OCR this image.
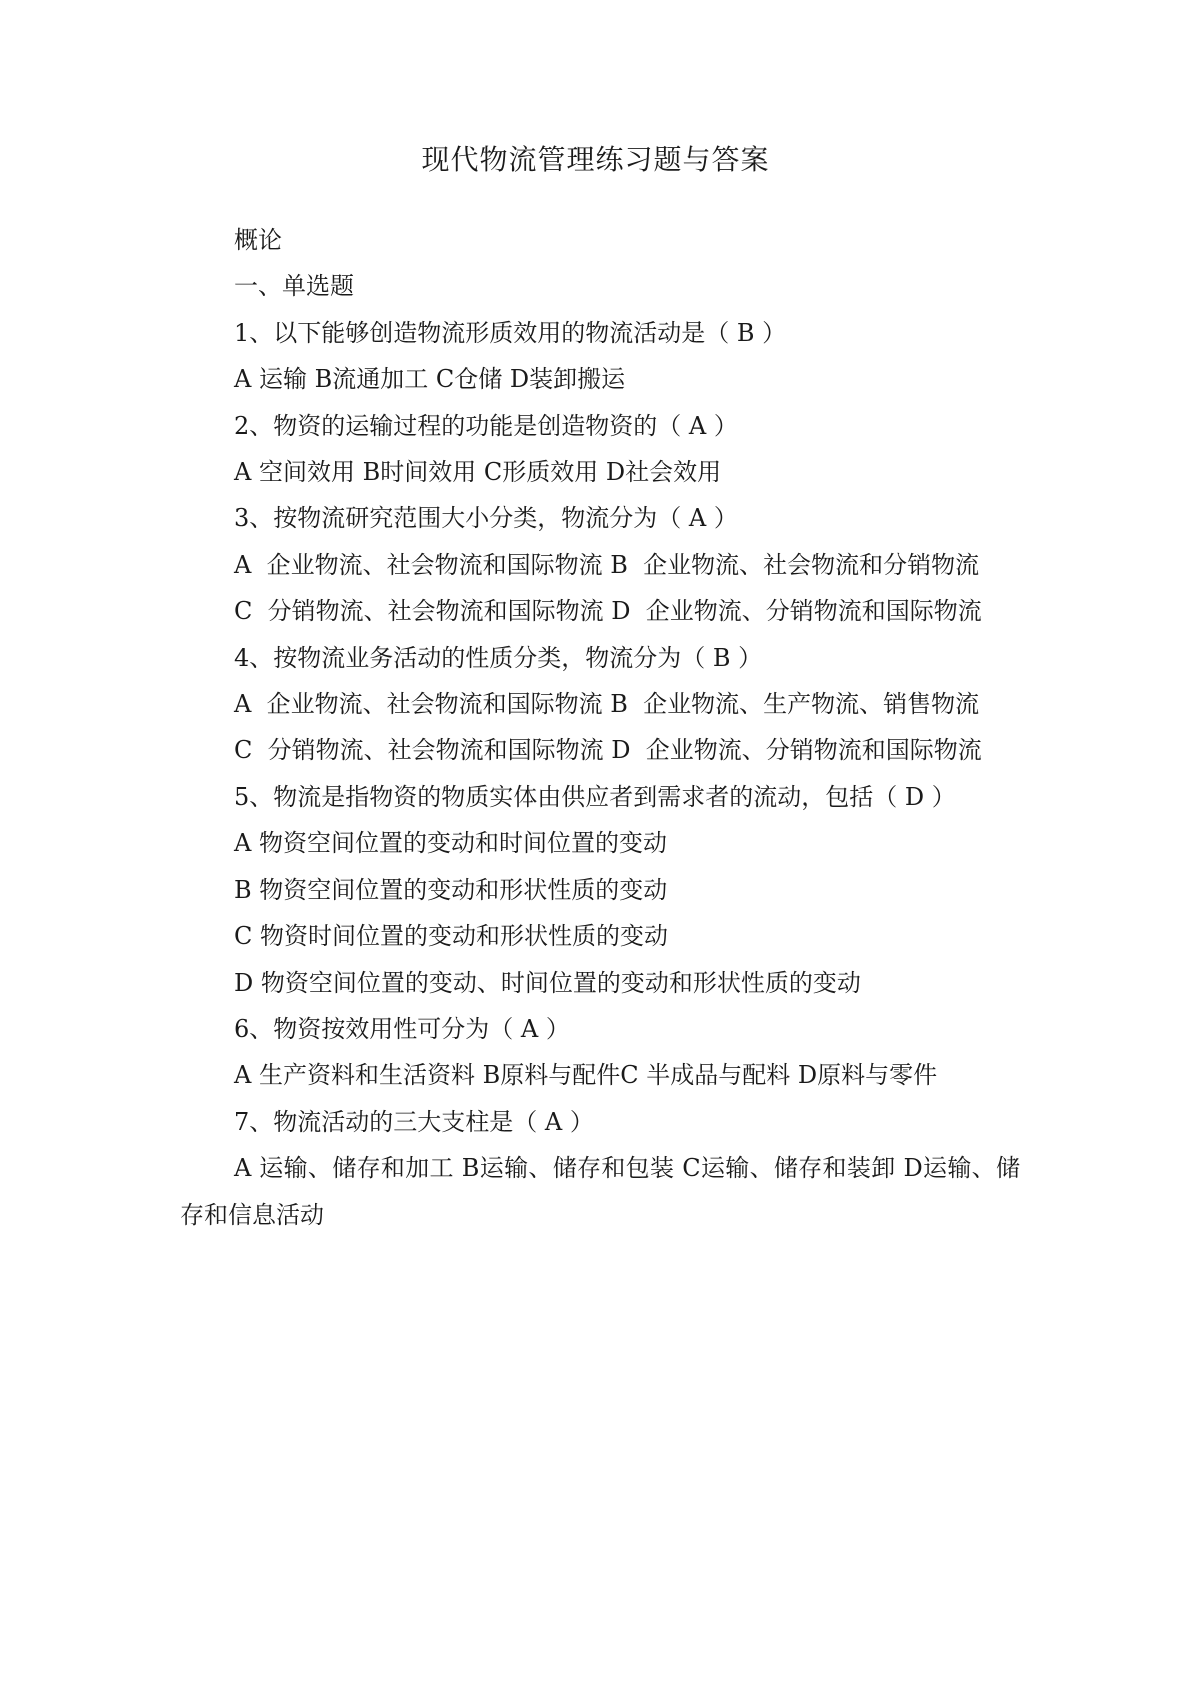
现代物流管理练习题与答案

概论

一、单选题

1、以下能够创造物流形质效用的物流活动是（ B ）

A 运输 B流通加工 C仓储 D装卸搬运

2、物资的运输过程的功能是创造物资的（ A ）

A 空间效用 B时间效用 C形质效用 D社会效用

3、按物流研究范围大小分类，物流分为（ A ）

A  企业物流、社会物流和国际物流 B  企业物流、社会物流和分销物流

C  分销物流、社会物流和国际物流 D  企业物流、分销物流和国际物流

4、按物流业务活动的性质分类，物流分为（ B ）

A  企业物流、社会物流和国际物流 B  企业物流、生产物流、销售物流

C  分销物流、社会物流和国际物流 D  企业物流、分销物流和国际物流

5、物流是指物资的物质实体由供应者到需求者的流动，包括（ D ）

A 物资空间位置的变动和时间位置的变动

B 物资空间位置的变动和形状性质的变动

C 物资时间位置的变动和形状性质的变动

D 物资空间位置的变动、时间位置的变动和形状性质的变动

6、物资按效用性可分为（ A ）

A 生产资料和生活资料 B原料与配件C 半成品与配料 D原料与零件

7、物流活动的三大支柱是（ A ）

A 运输、储存和加工 B运输、储存和包装 C运输、储存和装卸 D运输、储存和信息活动
